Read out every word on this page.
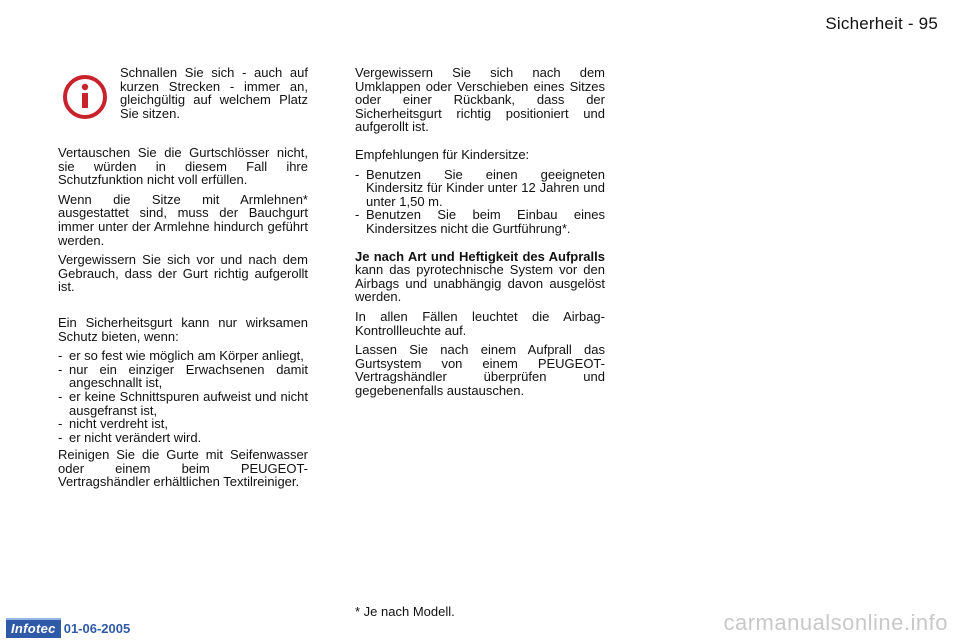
Sicherheit - 95
Schnallen Sie sich - auch auf kurzen Strecken - immer an, gleichgültig auf welchem Platz Sie sitzen.

Vertauschen Sie die Gurtschlösser nicht, sie würden in diesem Fall ihre Schutzfunktion nicht voll erfüllen.

Wenn die Sitze mit Armlehnen* ausgestattet sind, muss der Bauchgurt immer unter der Armlehne hindurch geführt werden.

Vergewissern Sie sich vor und nach dem Gebrauch, dass der Gurt richtig aufgerollt ist.

Ein Sicherheitsgurt kann nur wirksamen Schutz bieten, wenn:

- er so fest wie möglich am Körper anliegt,
- nur ein einziger Erwachsenen damit angeschnallt ist,
- er keine Schnittspuren aufweist und nicht ausgefranst ist,
- nicht verdreht ist,
- er nicht verändert wird.

Reinigen Sie die Gurte mit Seifenwasser oder einem beim PEUGEOT-Vertragshändler erhältlichen Textilreiniger.

Vergewissern Sie sich nach dem Umklappen oder Verschieben eines Sitzes oder einer Rückbank, dass der Sicherheitsgurt richtig positioniert und aufgerollt ist.

Empfehlungen für Kindersitze:

- Benutzen Sie einen geeigneten Kindersitz für Kinder unter 12 Jahren und unter 1,50 m.
- Benutzen Sie beim Einbau eines Kindersitzes nicht die Gurtführung*.

Je nach Art und Heftigkeit des Aufpralls kann das pyrotechnische System vor den Airbags und unabhängig davon ausgelöst werden.

In allen Fällen leuchtet die Airbag-Kontrollleuchte auf.

Lassen Sie nach einem Aufprall das Gurtsystem von einem PEUGEOT-Vertragshändler überprüfen und gegebenenfalls austauschen.

* Je nach Modell.
Infotec 01-06-2005	carmanualsonline.info
